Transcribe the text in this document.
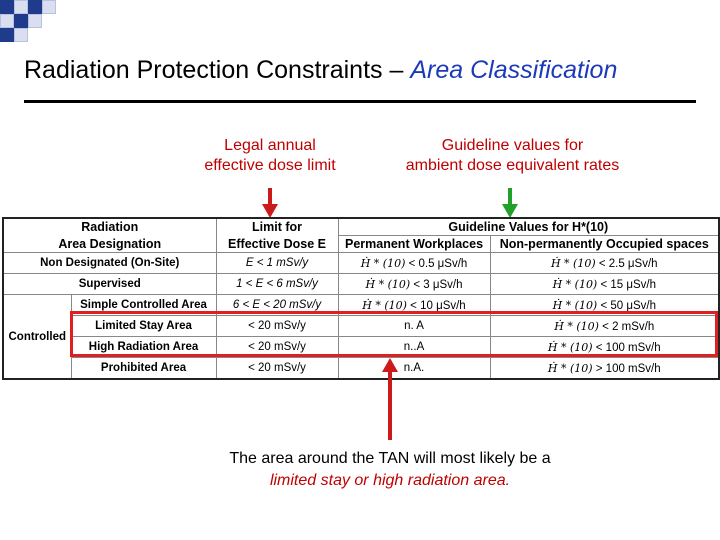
Radiation Protection Constraints – Area Classification
Legal annual
effective dose limit
Guideline values for
ambient dose equivalent rates
Radiation		Limit for	Guideline Values for H*(10)	
Area Designation		Effective Dose E	Permanent Workplaces	Non-permanently Occupied spaces
Non Designated (On-Site)		E < 1 mSv/y	Ḣ * (10) < 0.5 μSv/h	Ḣ * (10) < 2.5 μSv/h
Supervised		1 < E < 6 mSv/y	Ḣ * (10) < 3 μSv/h	Ḣ * (10) < 15 μSv/h
Controlled	Simple Controlled Area	6 < E < 20 mSv/y	Ḣ * (10) < 10 μSv/h	Ḣ * (10) < 50 μSv/h
	Limited Stay Area	< 20 mSv/y	n. A	Ḣ * (10) < 2 mSv/h
	High Radiation Area	< 20 mSv/y	n..A	Ḣ * (10) < 100 mSv/h
	Prohibited Area	< 20 mSv/y	n.A.	Ḣ * (10) > 100 mSv/h
The area around the TAN will most likely be a
limited stay or high radiation area.
